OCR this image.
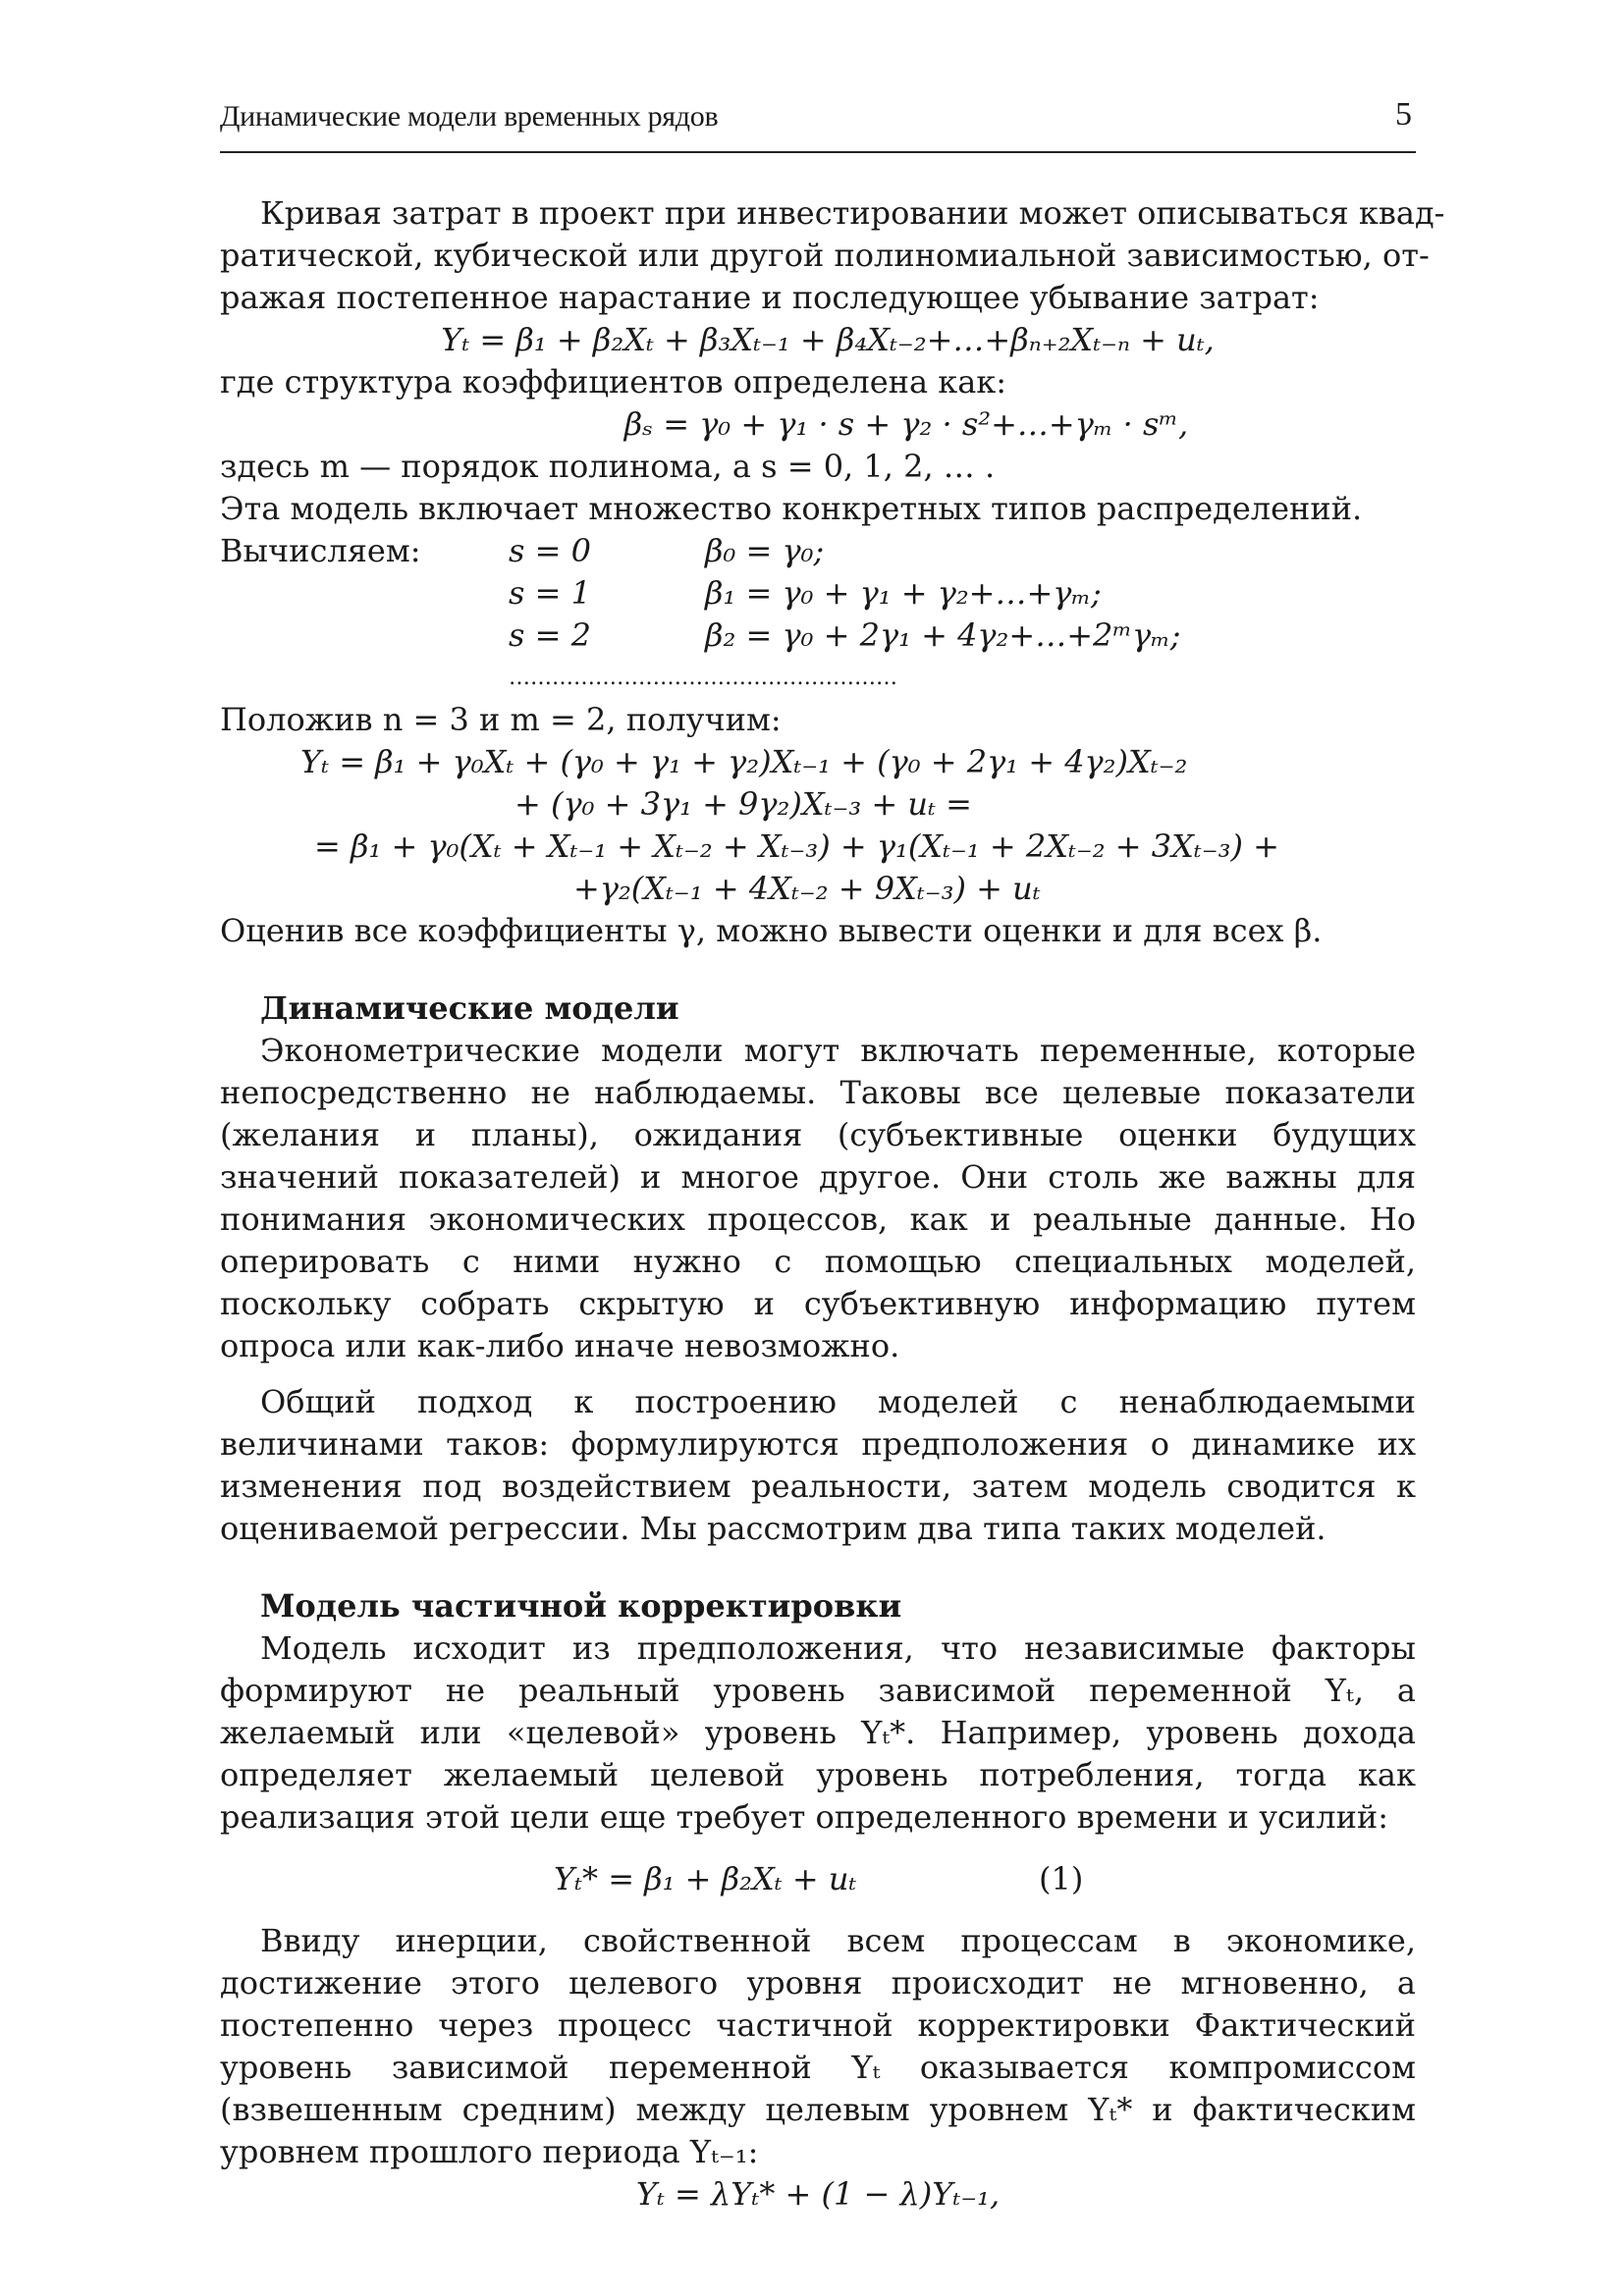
Динамические модели временных рядов	5

Кривая затрат в проект при инвестировании может описываться квад-

ратической, кубической или другой полиномиальной зависимостью, от-

ражая постепенное нарастание и последующее убывание затрат:

Yₜ = β₁ + β₂Xₜ + β₃Xₜ₋₁ + β₄Xₜ₋₂+…+βₙ₊₂Xₜ₋ₙ + uₜ,

где структура коэффициентов определена как:

βₛ = γ₀ + γ₁ · s + γ₂ · s²+…+γₘ · sᵐ,

здесь m — порядок полинома, а s = 0, 1, 2, … .

Эта модель включает множество конкретных типов распределений.

Вычисляем:	s = 0	β₀ = γ₀;
	s = 1	β₁ = γ₀ + γ₁ + γ₂+…+γₘ;
	s = 2	β₂ = γ₀ + 2γ₁ + 4γ₂+…+2ᵐγₘ;
	………………………………………………	

Положив n = 3 и m = 2, получим:

Yₜ = β₁ + γ₀Xₜ + (γ₀ + γ₁ + γ₂)Xₜ₋₁ + (γ₀ + 2γ₁ + 4γ₂)Xₜ₋₂

+ (γ₀ + 3γ₁ + 9γ₂)Xₜ₋₃ + uₜ =

= β₁ + γ₀(Xₜ + Xₜ₋₁ + Xₜ₋₂ + Xₜ₋₃) + γ₁(Xₜ₋₁ + 2Xₜ₋₂ + 3Xₜ₋₃) +

+γ₂(Xₜ₋₁ + 4Xₜ₋₂ + 9Xₜ₋₃) + uₜ

Оценив все коэффициенты γ, можно вывести оценки и для всех β.

Динамические модели

Эконометрические модели могут включать переменные, которые непосредственно не наблюдаемы. Таковы все целевые показатели (желания и планы), ожидания (субъективные оценки будущих значений показателей) и многое другое. Они столь же важны для понимания экономических процессов, как и реальные данные. Но оперировать с ними нужно с помощью специальных моделей, поскольку собрать скрытую и субъективную информацию путем опроса или как-либо иначе невозможно.

Общий подход к построению моделей с ненаблюдаемыми величинами таков: формулируются предположения о динамике их изменения под воздействием реальности, затем модель сводится к оцениваемой регрессии. Мы рассмотрим два типа таких моделей.

Модель частичной корректировки

Модель исходит из предположения, что независимые факторы формируют не реальный уровень зависимой переменной Yₜ, а желаемый или «целевой» уровень Yₜ*. Например, уровень дохода определяет желаемый целевой уровень потребления, тогда как реализация этой цели еще требует определенного времени и усилий:

Yₜ* = β₁ + β₂Xₜ + uₜ	(1)

Ввиду инерции, свойственной всем процессам в экономике, достижение этого целевого уровня происходит не мгновенно, а постепенно через процесс частичной корректировки Фактический уровень зависимой переменной Yₜ оказывается компромиссом (взвешенным средним) между целевым уровнем Yₜ* и фактическим уровнем прошлого периода Yₜ₋₁:

Yₜ = λYₜ* + (1 − λ)Yₜ₋₁,
